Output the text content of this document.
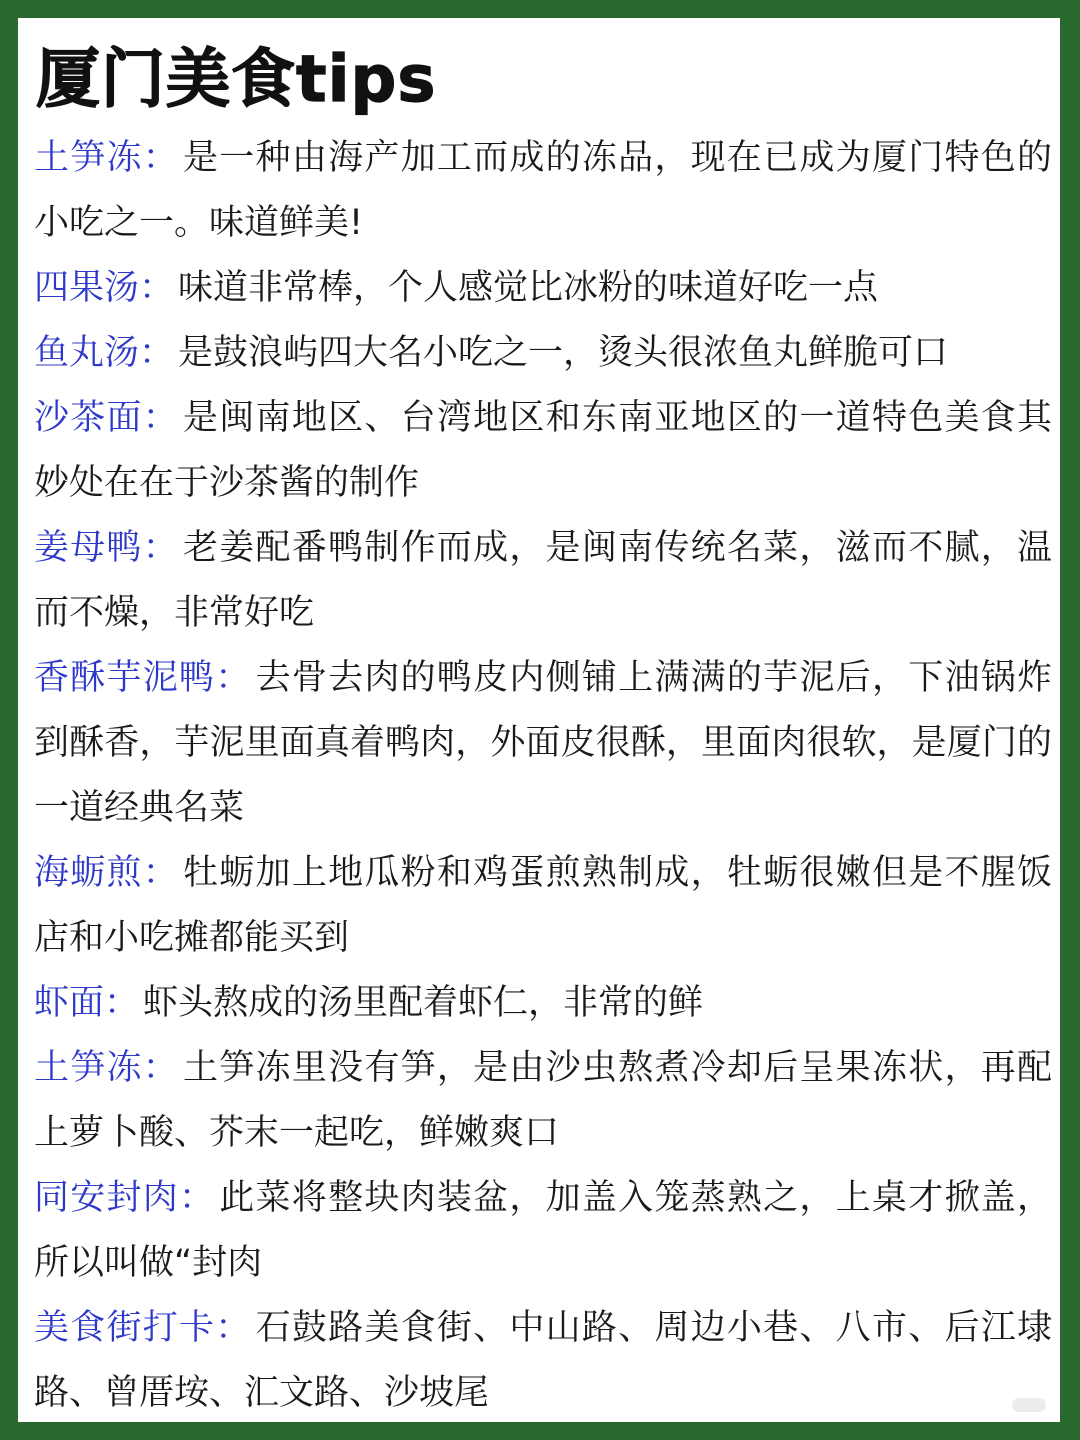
厦门美食tips

土笋冻： 是一种由海产加工而成的冻品，现在已成为厦门特色的小吃之一。味道鲜美!

四果汤： 味道非常棒，个人感觉比冰粉的味道好吃一点

鱼丸汤： 是鼓浪屿四大名小吃之一，烫头很浓鱼丸鲜脆可口

沙茶面： 是闽南地区、台湾地区和东南亚地区的一道特色美食其妙处在在于沙茶酱的制作

姜母鸭： 老姜配番鸭制作而成，是闽南传统名菜，滋而不腻，温而不燥，非常好吃

香酥芋泥鸭： 去骨去肉的鸭皮内侧铺上满满的芋泥后，下油锅炸到酥香，芋泥里面真着鸭肉，外面皮很酥，里面肉很软，是厦门的一道经典名菜

海蛎煎： 牡蛎加上地瓜粉和鸡蛋煎熟制成，牡蛎很嫩但是不腥饭店和小吃摊都能买到

虾面： 虾头熬成的汤里配着虾仁，非常的鲜

土笋冻： 土笋冻里没有笋，是由沙虫熬煮冷却后呈果冻状，再配上萝卜酸、芥末一起吃，鲜嫩爽口

同安封肉： 此菜将整块肉装盆，加盖入笼蒸熟之，上桌才掀盖，所以叫做“封肉

美食街打卡： 石鼓路美食街、中山路、周边小巷、八市、后江埭路、曾厝垵、汇文路、沙坡尾
